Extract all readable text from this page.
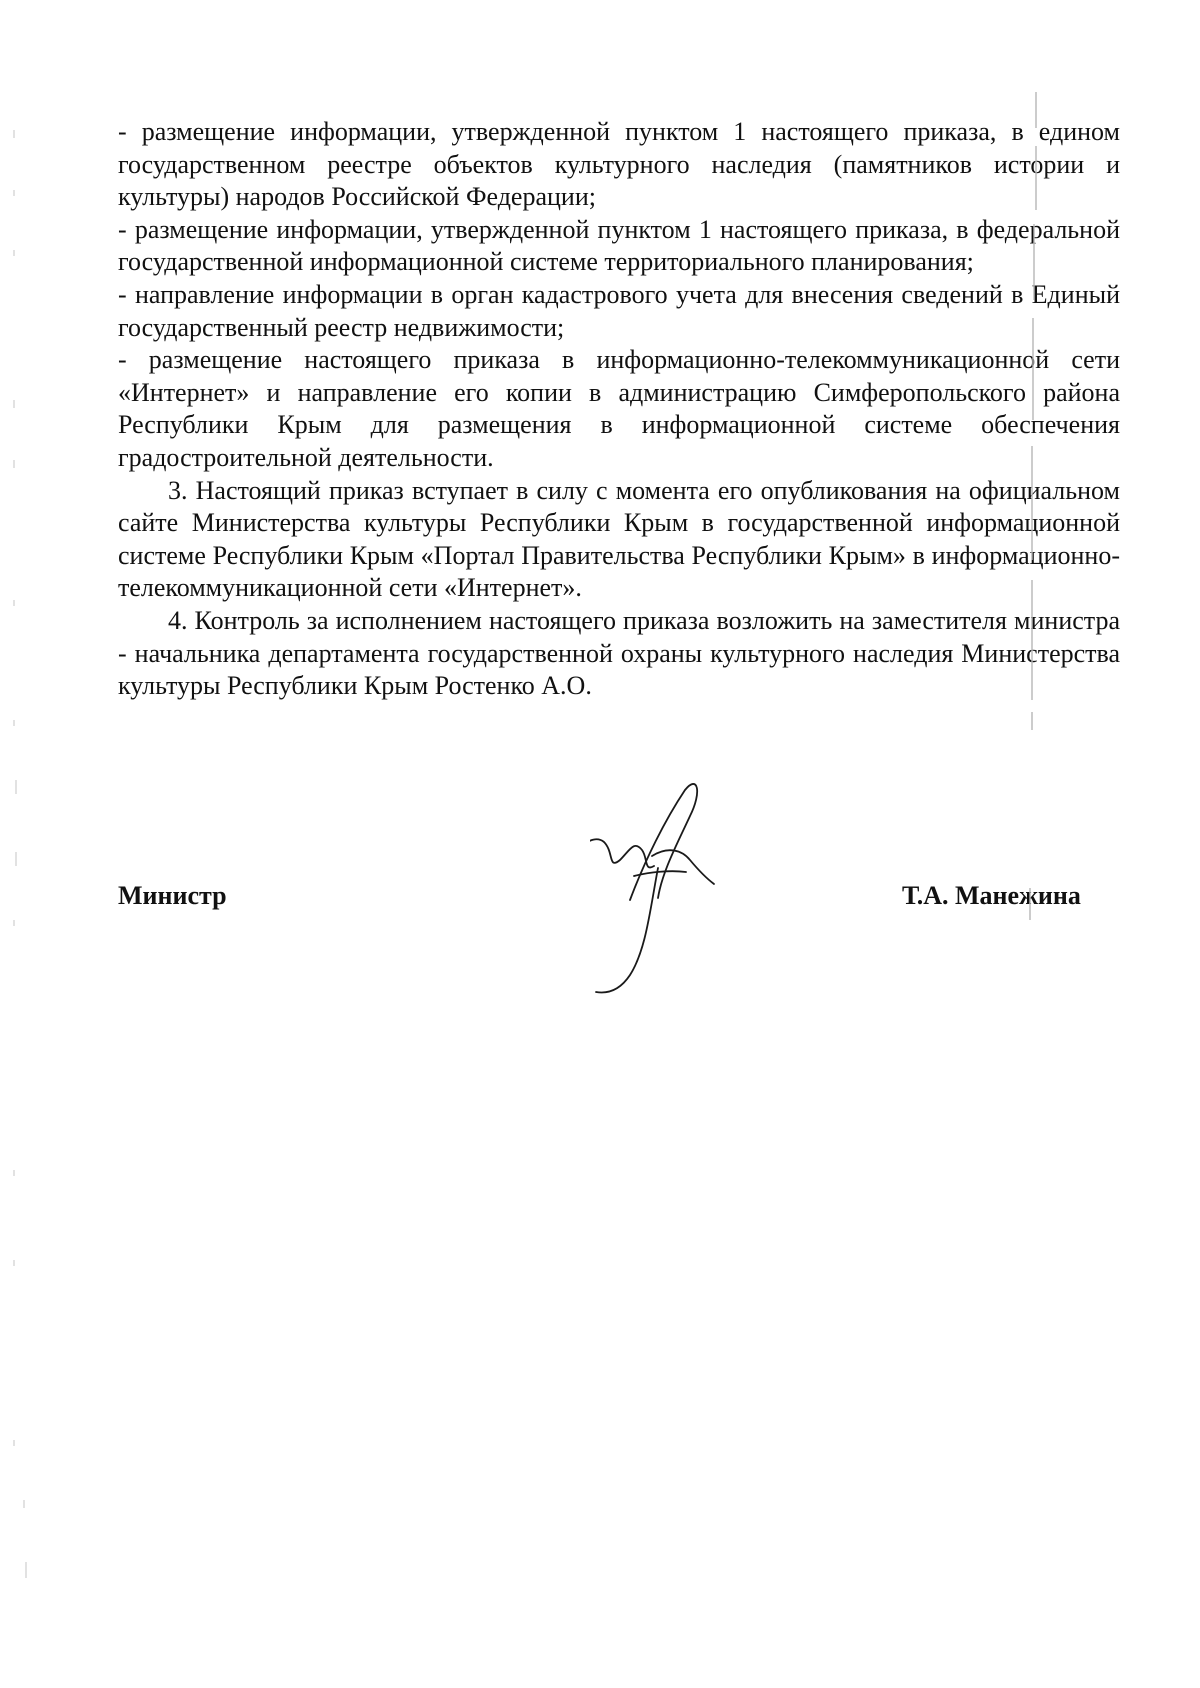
- размещение информации, утвержденной пунктом 1 настоящего приказа, в едином государственном реестре объектов культурного наследия (памятников истории и культуры) народов Российской Федерации;

- размещение информации, утвержденной пунктом 1 настоящего приказа, в федеральной государственной информационной системе территориального планирования;

- направление информации в орган кадастрового учета для внесения сведений в Единый государственный реестр недвижимости;

- размещение настоящего приказа в информационно-телекоммуникационной сети «Интернет» и направление его копии в администрацию Симферопольского района Республики Крым для размещения в информационной системе обеспечения градостроительной деятельности.

3. Настоящий приказ вступает в силу с момента его опубликования на официальном сайте Министерства культуры Республики Крым в государственной информационной системе Республики Крым «Портал Правительства Республики Крым» в информационно-телекоммуникационной сети «Интернет».

4. Контроль за исполнением настоящего приказа возложить на заместителя министра - начальника департамента государственной охраны культурного наследия Министерства культуры Республики Крым Ростенко А.О.

Министр	Т.А. Манежина
